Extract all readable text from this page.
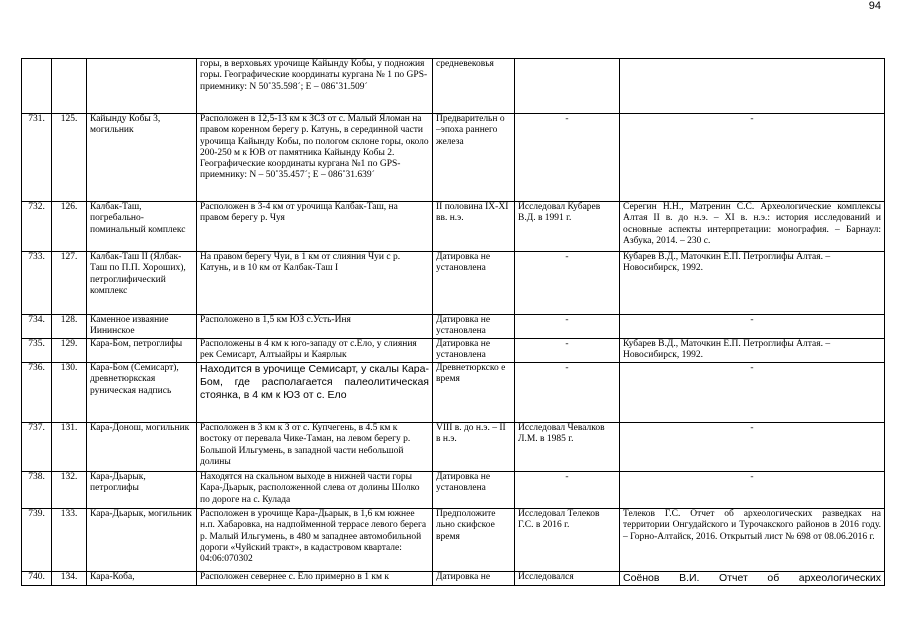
94
			горы, в верховьях урочище Кайынду Кобы, у подножия горы. Географические координаты кургана № 1 по GPS-приемнику: N 50˚35.598´; E – 086˚31.509´	средневековья		
731.	125.	Кайынду Кобы 3, могильник	Расположен в 12,5-13 км к ЗСЗ от с. Малый Яломан на правом коренном берегу р. Катунь, в серединной части урочища Кайынду Кобы, по пологом склоне горы, около 200-250 м к ЮВ от памятника Кайынду Кобы 2. Географические координаты кургана №1 по GPS-приемнику: N – 50˚35.457´; E – 086˚31.639´	Предварительн о –эпоха раннего железа	-	-
732.	126.	Калбак-Таш, погребально-поминальный комплекс	Расположен в 3-4 км от урочища Калбак-Таш, на правом берегу р. Чуя	II половина IX-XI вв. н.э.	Исследовал Кубарев В.Д. в 1991 г.	Серегин Н.Н., Матренин С.С. Археологические комплексы Алтая II в. до н.э. – XI в. н.э.: история исследований и основные аспекты интерпретации: монография. – Барнаул: Азбука, 2014. – 230 с.
733.	127.	Калбак-Таш II (Ялбак-Таш по П.П. Хороших), петроглифический комплекс	На правом берегу Чуи, в 1 км от слияния Чуи с р. Катунь, и в 10 км от Калбак-Таш I	Датировка не установлена	-	Кубарев В.Д., Маточкин Е.П. Петроглифы Алтая. – Новосибирск, 1992.
734.	128.	Каменное изваяние Иининское	Расположено в 1,5 км ЮЗ с.Усть-Иня	Датировка не установлена	-	-
735.	129.	Кара-Бом, петроглифы	Расположены в 4 км к юго-западу от с.Ело, у слияния рек Семисарт, Алтыайры и Каярлык	Датировка не установлена	-	Кубарев В.Д., Маточкин Е.П. Петроглифы Алтая. – Новосибирск, 1992.
736.	130.	Кара-Бом (Семисарт), древнетюркская руническая надпись	Находится в урочище Семисарт, у скалы Кара-Бом, где располагается палеолитическая стоянка, в 4 км к ЮЗ от с. Ело	Древнетюркско е время	-	-
737.	131.	Кара-Донош, могильник	Расположен в 3 км к З от с. Купчегень, в 4.5 км к востоку от перевала Чике-Таман, на левом берегу р. Большой Ильгумень, в западной части небольшой долины	VIII в. до н.э. – II в н.э.	Исследовал Чевалков Л.М. в 1985 г.	-
738.	132.	Кара-Дьарык, петроглифы	Находятся на скальном выходе в нижней части горы Кара-Дьарык, расположенной слева от долины Шолко по дороге на с. Кулада	Датировка не установлена	-	-
739.	133.	Кара-Дьарык, могильник	Расположен в урочище Кара-Дьарык, в 1,6 км южнее н.п. Хабаровка, на надпойменной террасе левого берега р. Малый Ильгумень, в 480 м западнее автомобильной дороги «Чуйский тракт», в кадастровом квартале: 04:06:070302	Предположите льно скифское время	Исследовал Телеков Г.С. в 2016 г.	Телеков Г.С. Отчет об археологических разведках на территории Онгудайского и Турочакского районов в 2016 году. – Горно-Алтайск, 2016. Открытый лист № 698 от 08.06.2016 г.
740.	134.	Кара-Коба,	Расположен севернее с. Ело примерно в 1 км к	Датировка не	Исследовался	Соёнов В.И. Отчет об археологических
